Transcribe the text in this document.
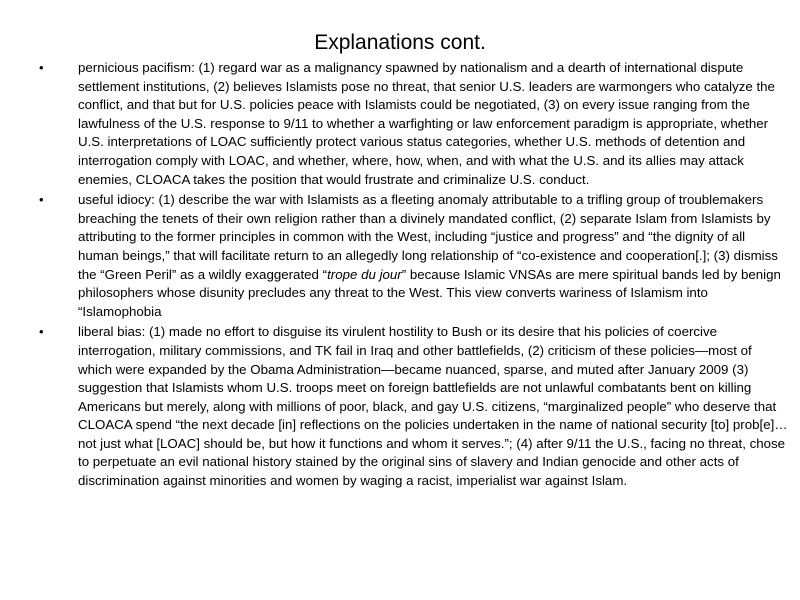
Explanations cont.
•	pernicious pacifism: (1) regard war as a malignancy spawned by nationalism and a dearth of international dispute settlement institutions, (2) believes Islamists pose no threat, that senior U.S. leaders are warmongers who catalyze the conflict, and that but for U.S. policies peace with Islamists could be negotiated, (3) on every issue ranging from the lawfulness of the U.S. response to 9/11 to whether a warfighting or law enforcement paradigm is appropriate, whether U.S. interpretations of LOAC sufficiently protect various status categories, whether U.S. methods of detention and interrogation comply with LOAC, and whether, where, how, when, and with what the U.S. and its allies may attack enemies, CLOACA takes the position that would frustrate and criminalize U.S. conduct.
•	useful idiocy: (1) describe the war with Islamists as a fleeting anomaly attributable to a trifling group of troublemakers breaching the tenets of their own religion rather than a divinely mandated conflict, (2) separate Islam from Islamists by attributing to the former principles in common with the West, including “justice and progress” and “the dignity of all human beings,” that will facilitate return to an allegedly long relationship of “co-existence and cooperation[.]; (3) dismiss the “Green Peril” as a wildly exaggerated “trope du jour” because Islamic VNSAs are mere spiritual bands led by benign philosophers whose disunity precludes any threat to the West. This view converts wariness of Islamism into “Islamophobia
•	liberal bias: (1) made no effort to disguise its virulent hostility to Bush or its desire that his policies of coercive interrogation, military commissions, and TK fail in Iraq and other battlefields, (2) criticism of these policies—most of which were expanded by the Obama Administration—became nuanced, sparse, and muted after January 2009 (3) suggestion that Islamists whom U.S. troops meet on foreign battlefields are not unlawful combatants bent on killing Americans but merely, along with millions of poor, black, and gay U.S. citizens, “marginalized people” who deserve that CLOACA spend “the next decade [in] reflections on the policies undertaken in the name of national security [to] prob[e]…not just what [LOAC] should be, but how it functions and whom it serves.”; (4) after 9/11 the U.S., facing no threat, chose to perpetuate an evil national history stained by the original sins of slavery and Indian genocide and other acts of discrimination against minorities and women by waging a racist, imperialist war against Islam.
